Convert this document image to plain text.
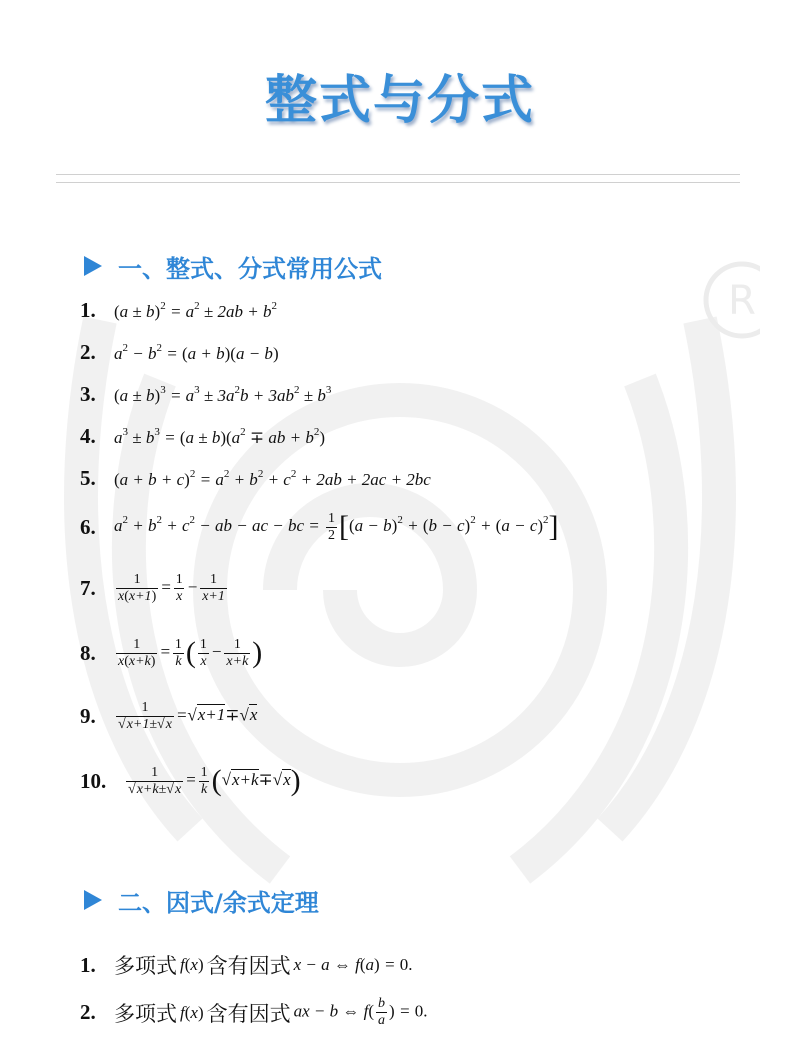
R
整式与分式
一、整式、分式常用公式
1.	$(a \pm b)^2 = a^2 \pm 2ab + b^2$
2.	$a^2 - b^2 = (a + b)(a - b)$
3.	$(a \pm b)^3 = a^3 \pm 3a^2b + 3ab^2 \pm b^3$
4.	$a^3 \pm b^3 = (a \pm b)(a^2$ ∓ ab + $b^2$)
5.	$(a + b + c)^2 = a^2 + b^2 + c^2 + 2ab + 2ac + 2bc$
6.	$a^2 + b^2 + c^2$ − ab − ac − bc = $\frac{1}{2} [(a - b)^2 + (b - c)^2 + (a - c)^2]$
7.	$\frac{1}{x(x+1)} = \frac{1}{x} - \frac{1}{x+1}$
8.	$\frac{1}{x(x+k)} = \frac{1}{k}$ ( $\frac{1}{x} - \frac{1}{x+k}$ )
9.	$\frac{1}{√x+1\pm√x} =√x+1\mp√x$
10.	$\frac{1}{√x+k\pm√x} = \frac{1}{k} (√x+k\mp√x)$
二、因式/余式定理
1. 多项式 f(x) 含有因式 x − a ⇔ f(a) = 0.
2. 多项式 f(x) 含有因式 ax − b ⇔ $f( \frac{b}{a}$ ) = 0.
